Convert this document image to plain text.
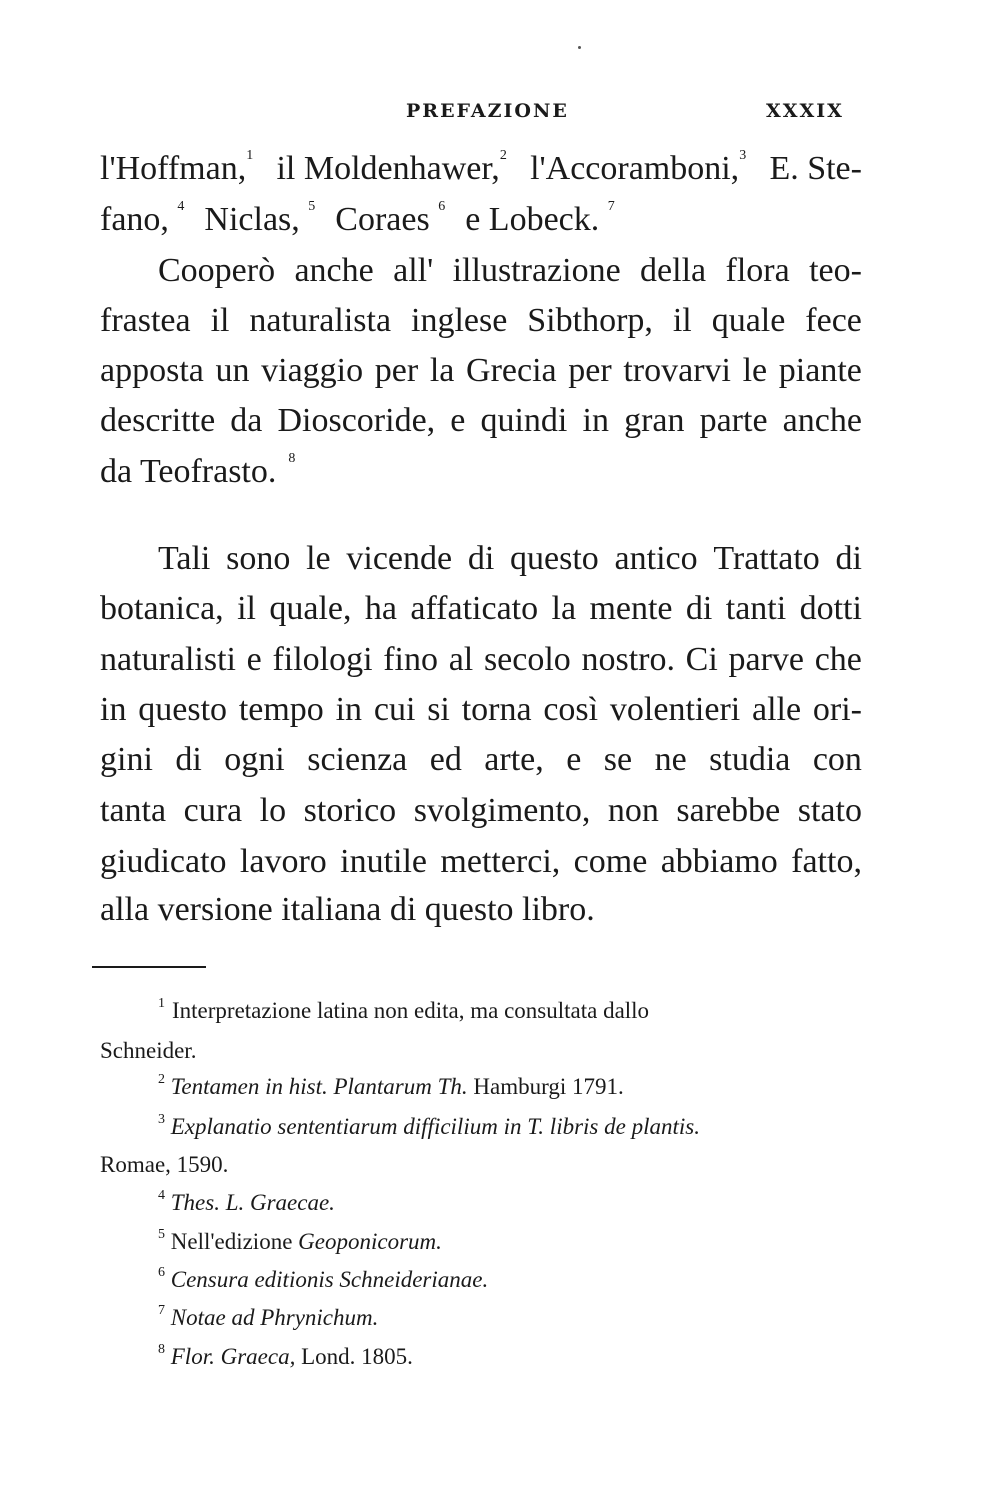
PREFAZIONE	XXXIX
l'Hoffman,$^1$ il Moldenhawer,$^2$ l'Accoramboni,$^3$ E. Ste-
fano, $^4$ Niclas, $^5$ Coraes $^6$ e Lobeck. $^7$
Cooperò anche all' illustrazione della flora teo-
frastea il naturalista inglese Sibthorp, il quale fece
apposta un viaggio per la Grecia per trovarvi le piante
descritte da Dioscoride, e quindi in gran parte anche
da Teofrasto. $^8$
Tali sono le vicende di questo antico Trattato di
botanica, il quale, ha affaticato la mente di tanti dotti
naturalisti e filologi fino al secolo nostro. Ci parve che
in questo tempo in cui si torna così volentieri alle ori-
gini di ogni scienza ed arte, e se ne studia con
tanta cura lo storico svolgimento, non sarebbe stato
giudicato lavoro inutile metterci, come abbiamo fatto,
alla versione italiana di questo libro.
$^1$ Interpretazione latina non edita, ma consultata dallo
Schneider.
$^2$ Tentamen in hist. Plantarum Th. Hamburgi 1791.
$^3$ Explanatio sententiarum difficilium in T. libris de plantis.
Romae, 1590.
$^4$ Thes. L. Graecae.
$^5$ Nell'edizione Geoponicorum.
$^6$ Censura editionis Schneiderianae.
$^7$ Notae ad Phrynichum.
$^8$ Flor. Graeca, Lond. 1805.
